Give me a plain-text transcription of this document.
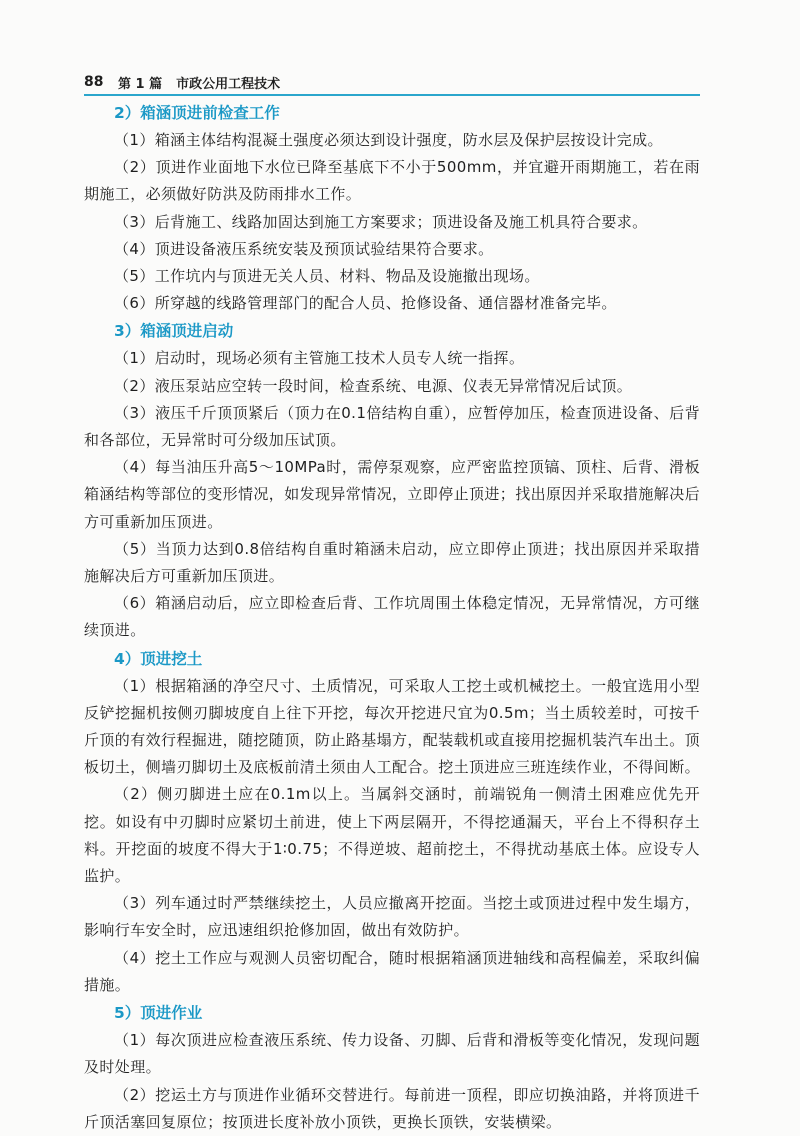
88	第 1 篇 市政公用工程技术
2）箱涵顶进前检查工作

（1）箱涵主体结构混凝土强度必须达到设计强度，防水层及保护层按设计完成。

（2）顶进作业面地下水位已降至基底下不小于500mm，并宜避开雨期施工，若在雨期施工，必须做好防洪及防雨排水工作。

（3）后背施工、线路加固达到施工方案要求；顶进设备及施工机具符合要求。

（4）顶进设备液压系统安装及预顶试验结果符合要求。

（5）工作坑内与顶进无关人员、材料、物品及设施撤出现场。

（6）所穿越的线路管理部门的配合人员、抢修设备、通信器材准备完毕。

3）箱涵顶进启动

（1）启动时，现场必须有主管施工技术人员专人统一指挥。

（2）液压泵站应空转一段时间，检查系统、电源、仪表无异常情况后试顶。

（3）液压千斤顶顶紧后（顶力在0.1倍结构自重），应暂停加压，检查顶进设备、后背和各部位，无异常时可分级加压试顶。

（4）每当油压升高5～10MPa时，需停泵观察，应严密监控顶镐、顶柱、后背、滑板箱涵结构等部位的变形情况，如发现异常情况，立即停止顶进；找出原因并采取措施解决后方可重新加压顶进。

（5）当顶力达到0.8倍结构自重时箱涵未启动，应立即停止顶进；找出原因并采取措施解决后方可重新加压顶进。

（6）箱涵启动后，应立即检查后背、工作坑周围土体稳定情况，无异常情况，方可继续顶进。

4）顶进挖土

（1）根据箱涵的净空尺寸、土质情况，可采取人工挖土或机械挖土。一般宜选用小型反铲挖掘机按侧刃脚坡度自上往下开挖，每次开挖进尺宜为0.5m；当土质较差时，可按千斤顶的有效行程掘进，随挖随顶，防止路基塌方，配装载机或直接用挖掘机装汽车出土。顶板切土，侧墙刃脚切土及底板前清土须由人工配合。挖土顶进应三班连续作业，不得间断。

（2）侧刃脚进土应在0.1m以上。当属斜交涵时，前端锐角一侧清土困难应优先开挖。如设有中刃脚时应紧切土前进，使上下两层隔开，不得挖通漏天，平台上不得积存土料。开挖面的坡度不得大于1∶0.75；不得逆坡、超前挖土，不得扰动基底土体。应设专人监护。

（3）列车通过时严禁继续挖土，人员应撤离开挖面。当挖土或顶进过程中发生塌方，影响行车安全时，应迅速组织抢修加固，做出有效防护。

（4）挖土工作应与观测人员密切配合，随时根据箱涵顶进轴线和高程偏差，采取纠偏措施。

5）顶进作业

（1）每次顶进应检查液压系统、传力设备、刃脚、后背和滑板等变化情况，发现问题及时处理。

（2）挖运土方与顶进作业循环交替进行。每前进一顶程，即应切换油路，并将顶进千斤顶活塞回复原位；按顶进长度补放小顶铁，更换长顶铁，安装横梁。
